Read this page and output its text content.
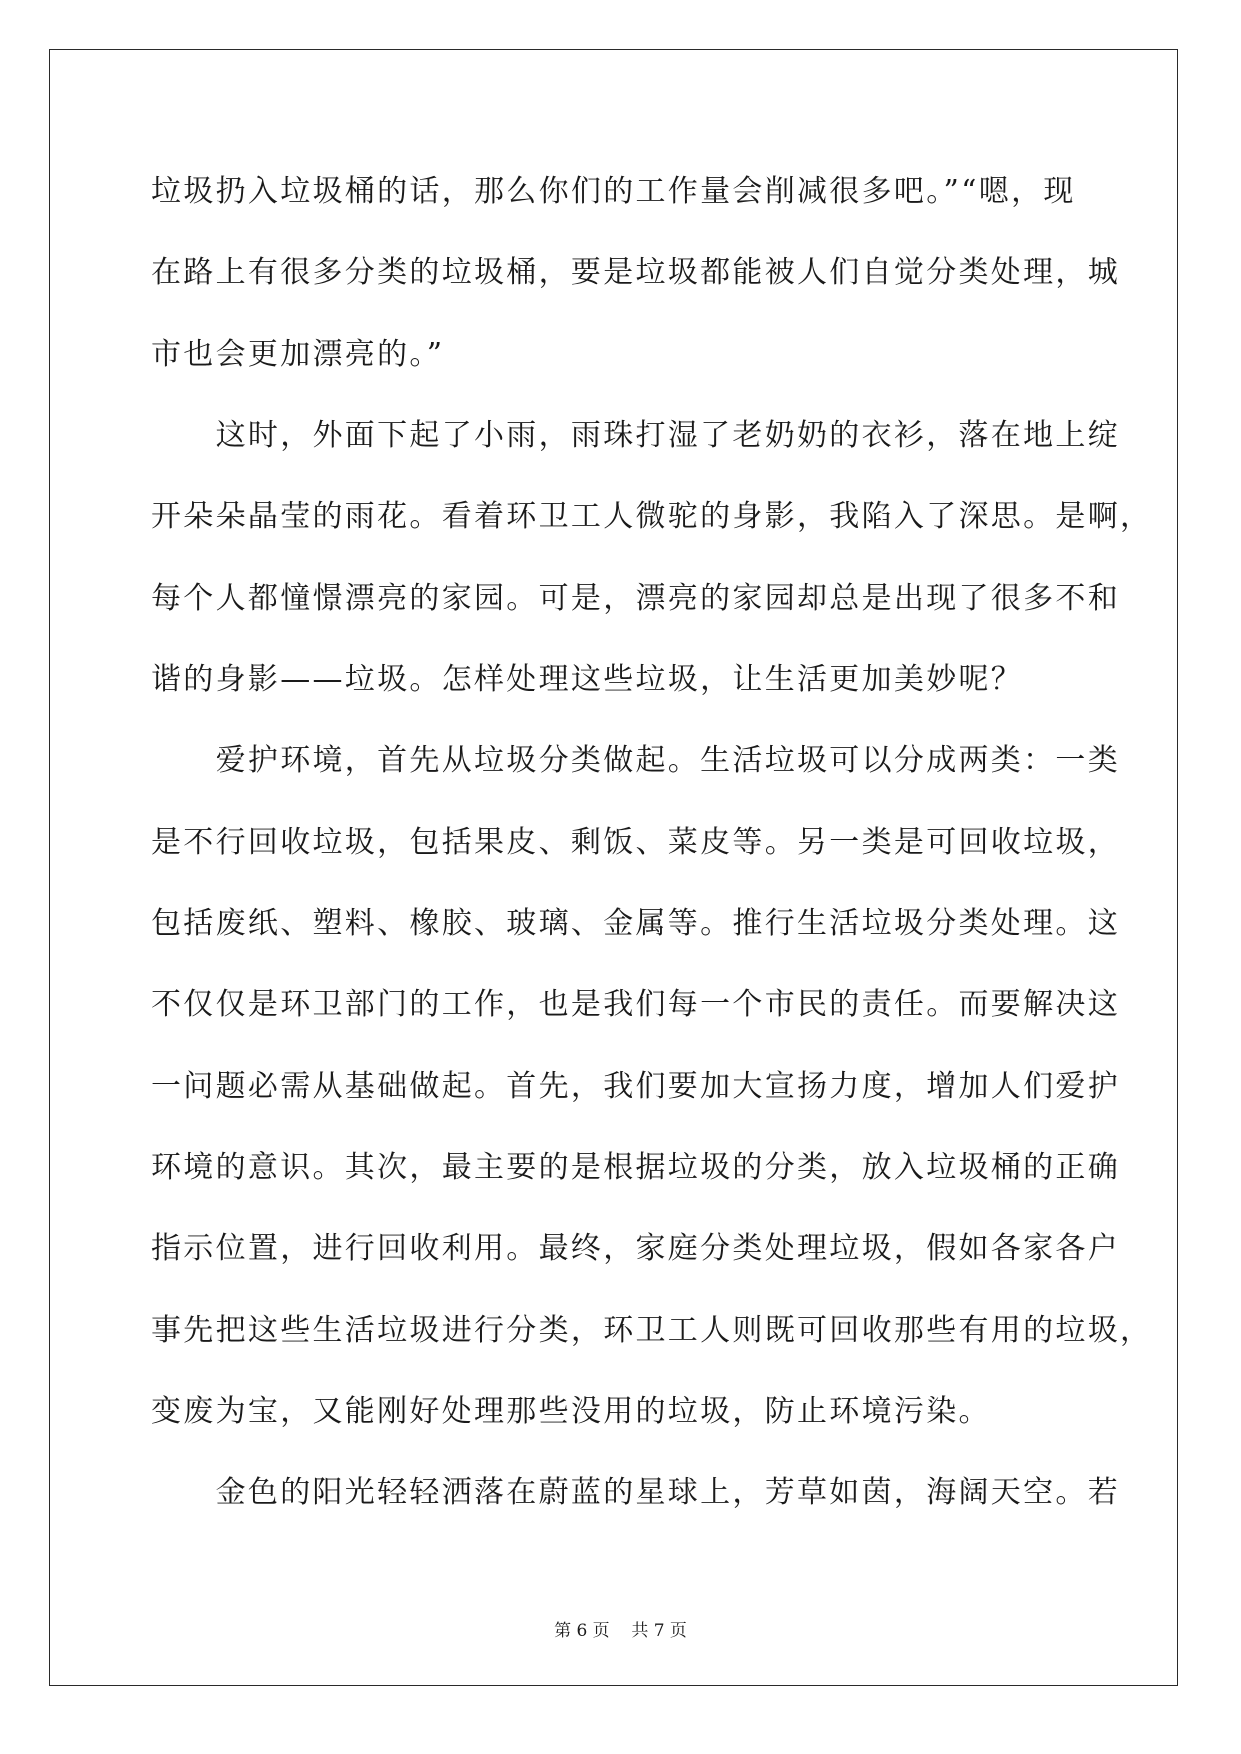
垃圾扔入垃圾桶的话，那么你们的工作量会削减很多吧。”“嗯，现
在路上有很多分类的垃圾桶，要是垃圾都能被人们自觉分类处理，城
市也会更加漂亮的。”
　　这时，外面下起了小雨，雨珠打湿了老奶奶的衣衫，落在地上绽
开朵朵晶莹的雨花。看着环卫工人微驼的身影，我陷入了深思。是啊，
每个人都憧憬漂亮的家园。可是，漂亮的家园却总是出现了很多不和
谐的身影——垃圾。怎样处理这些垃圾，让生活更加美妙呢？
　　爱护环境，首先从垃圾分类做起。生活垃圾可以分成两类：一类
是不行回收垃圾，包括果皮、剩饭、菜皮等。另一类是可回收垃圾，
包括废纸、塑料、橡胶、玻璃、金属等。推行生活垃圾分类处理。这
不仅仅是环卫部门的工作，也是我们每一个市民的责任。而要解决这
一问题必需从基础做起。首先，我们要加大宣扬力度，增加人们爱护
环境的意识。其次，最主要的是根据垃圾的分类，放入垃圾桶的正确
指示位置，进行回收利用。最终，家庭分类处理垃圾，假如各家各户
事先把这些生活垃圾进行分类，环卫工人则既可回收那些有用的垃圾，
变废为宝，又能刚好处理那些没用的垃圾，防止环境污染。
　　金色的阳光轻轻洒落在蔚蓝的星球上，芳草如茵，海阔天空。若
第 6 页 共 7 页
